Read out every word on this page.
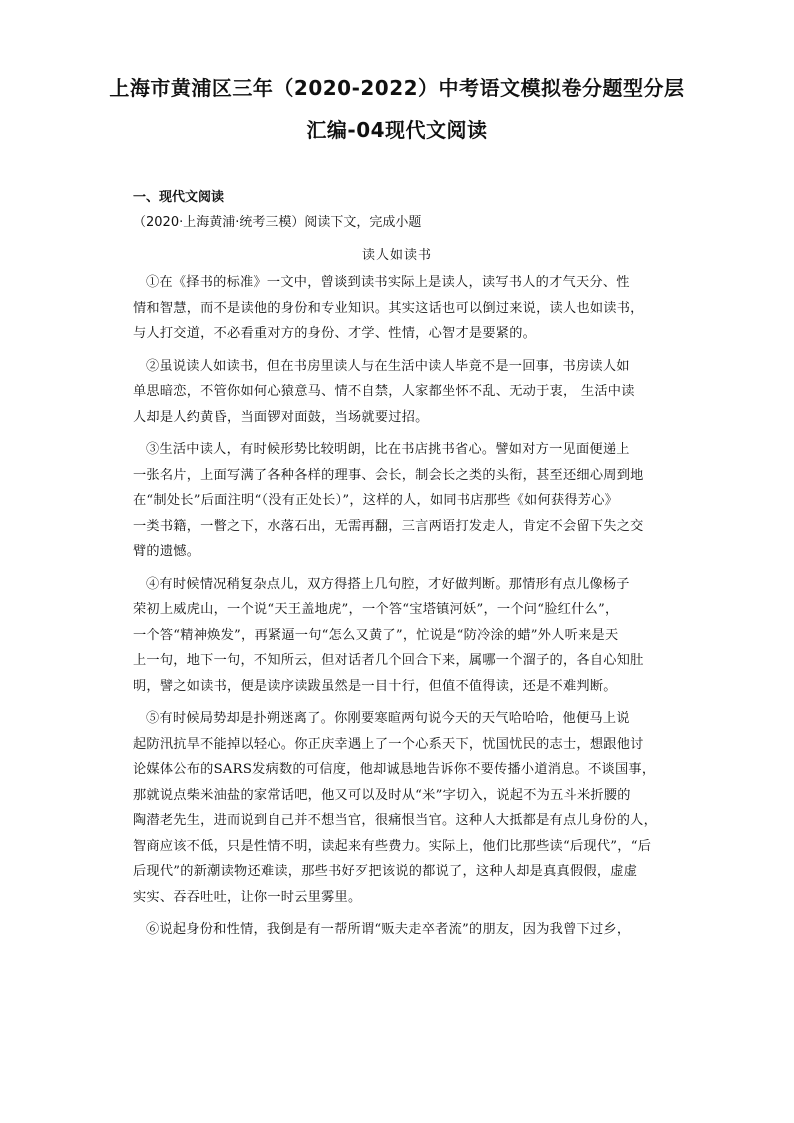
上海市黄浦区三年（2020-2022）中考语文模拟卷分题型分层
汇编-04现代文阅读
一、现代文阅读

（2020·上海黄浦·统考三模）阅读下文，完成小题

读人如读书

①在《择书的标准》一文中，曾谈到读书实际上是读人，读写书人的才气天分、性
情和智慧，而不是读他的身份和专业知识。其实这话也可以倒过来说，读人也如读书，
与人打交道，不必看重对方的身份、才学、性情，心智才是要紧的。
②虽说读人如读书，但在书房里读人与在生活中读人毕竟不是一回事，书房读人如
单思暗恋，不管你如何心猿意马、情不自禁，人家都坐怀不乱、无动于衷， 生活中读
人却是人约黄昏，当面锣对面鼓，当场就要过招。
③生活中读人，有时候形势比较明朗，比在书店挑书省心。譬如对方一见面便递上
一张名片，上面写满了各种各样的理事、会长，制会长之类的头衔，甚至还细心周到地
在“制处长”后面注明“（没有正处长）”，这样的人，如同书店那些《如何获得芳心》
一类书籍，一瞥之下，水落石出，无需再翻，三言两语打发走人，肯定不会留下失之交
臂的遗憾。
④有时候情况稍复杂点儿，双方得搭上几句腔，才好做判断。那情形有点儿像杨子
荣初上威虎山，一个说“天王盖地虎”，一个答“宝塔镇河妖”，一个问“脸红什么”，
一个答“精神焕发”，再紧逼一句“怎么又黄了”，忙说是“防冷涂的蜡”外人听来是天
上一句，地下一句，不知所云，但对话者几个回合下来，属哪一个溜子的，各自心知肚
明，譬之如读书，便是读序读跋虽然是一目十行，但值不值得读，还是不难判断。
⑤有时候局势却是扑朔迷离了。你刚要寒暄两句说今天的天气哈哈哈，他便马上说
起防汛抗旱不能掉以轻心。你正庆幸遇上了一个心系天下，忧国忧民的志士，想跟他讨
论媒体公布的SARS发病数的可信度，他却诚恳地告诉你不要传播小道消息。不谈国事，
那就说点柴米油盐的家常话吧，他又可以及时从“米”字切入，说起不为五斗米折腰的
陶潜老先生，进而说到自己并不想当官，很痛恨当官。这种人大抵都是有点儿身份的人，
智商应该不低，只是性情不明，读起来有些费力。实际上，他们比那些读“后现代”，“后
后现代”的新潮读物还难读，那些书好歹把该说的都说了，这种人却是真真假假，虚虚
实实、吞吞吐吐，让你一时云里雾里。
⑥说起身份和性情，我倒是有一帮所谓“贩夫走卒者流”的朋友，因为我曾下过乡，
